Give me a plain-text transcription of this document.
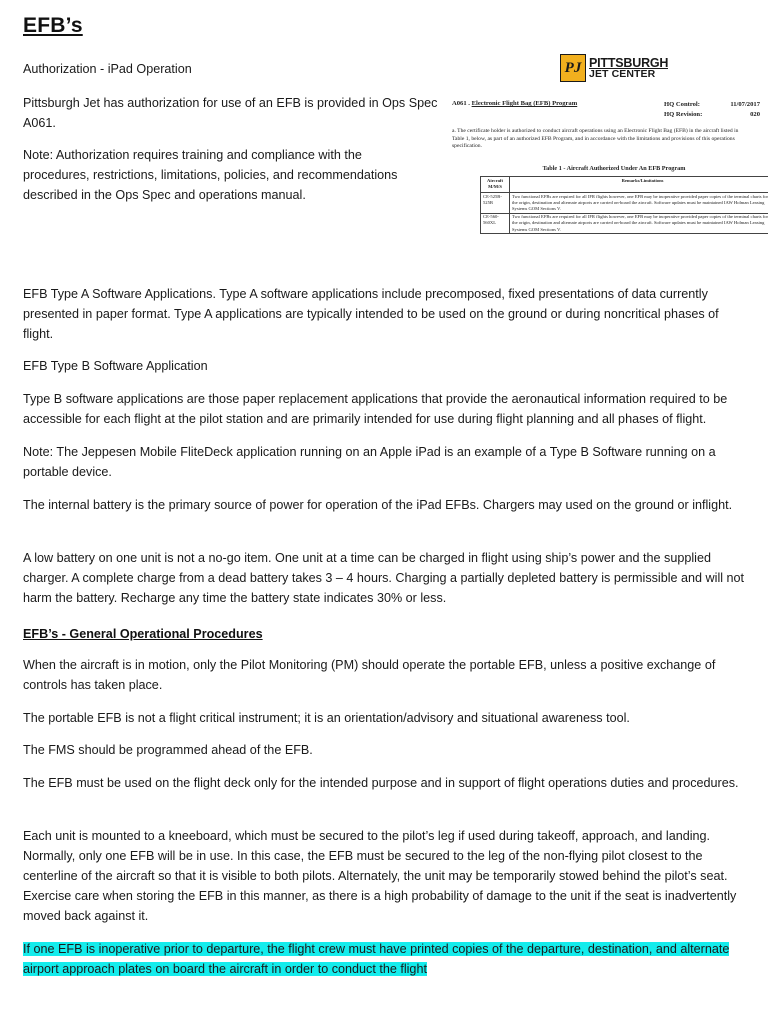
EFB’s

Authorization - iPad Operation

Pittsburgh Jet has authorization for use of an EFB is provided in Ops Spec A061.

Note: Authorization requires training and compliance with the procedures, restrictions, limitations, policies, and recommendations described in the Ops Spec and operations manual.

PJ PITTSBURGH
JET CENTER
A061 . Electronic Flight Bag (EFB) Program	HQ Control:	11/07/2017
HQ Revision:	020
a. The certificate holder is authorized to conduct aircraft operations using an Electronic Flight Bag (EFB) in the aircraft listed in Table 1, below, as part of an authorized EFB Program, and in accordance with the limitations and provisions of this operations specification.
Table 1 - Aircraft Authorized Under An EFB Program
Aircraft M/M/S	Remarks/Limitations
CE-525B-525B	Two functional EFBs are required for all IFR flights however, one EFB may be inoperative provided paper copies of the terminal charts for the origin, destination and alternate airports are carried on-board the aircraft. Software updates must be maintained IAW Holman Leasing Systems GOM Sections V.
CE-560-560XL	Two functional EFBs are required for all IFR flights however, one EFB may be inoperative provided paper copies of the terminal charts for the origin, destination and alternate airports are carried on-board the aircraft. Software updates must be maintained IAW Holman Leasing Systems GOM Sections V.

EFB Type A Software Applications. Type A software applications include precomposed, fixed presentations of data currently presented in paper format. Type A applications are typically intended to be used on the ground or during noncritical phases of flight.

EFB Type B Software Application

Type B software applications are those paper replacement applications that provide the aeronautical information required to be accessible for each flight at the pilot station and are primarily intended for use during flight planning and all phases of flight.

Note: The Jeppesen Mobile FliteDeck application running on an Apple iPad is an example of a Type B Software running on a portable device.

The internal battery is the primary source of power for operation of the iPad EFBs. Chargers may used on the ground or inflight.

A low battery on one unit is not a no-go item. One unit at a time can be charged in flight using ship’s power and the supplied charger. A complete charge from a dead battery takes 3 – 4 hours. Charging a partially depleted battery is permissible and will not harm the battery. Recharge any time the battery state indicates 30% or less.

EFB’s - General Operational Procedures

When the aircraft is in motion, only the Pilot Monitoring (PM) should operate the portable EFB, unless a positive exchange of controls has taken place.

The portable EFB is not a flight critical instrument; it is an orientation/advisory and situational awareness tool.

The FMS should be programmed ahead of the EFB.

The EFB must be used on the flight deck only for the intended purpose and in support of flight operations duties and procedures.

Each unit is mounted to a kneeboard, which must be secured to the pilot’s leg if used during takeoff, approach, and landing. Normally, only one EFB will be in use. In this case, the EFB must be secured to the leg of the non-flying pilot closest to the centerline of the aircraft so that it is visible to both pilots. Alternately, the unit may be temporarily stowed behind the pilot’s seat. Exercise care when storing the EFB in this manner, as there is a high probability of damage to the unit if the seat is inadvertently moved back against it.

If one EFB is inoperative prior to departure, the flight crew must have printed copies of the departure, destination, and alternate airport approach plates on board the aircraft in order to conduct the flight
